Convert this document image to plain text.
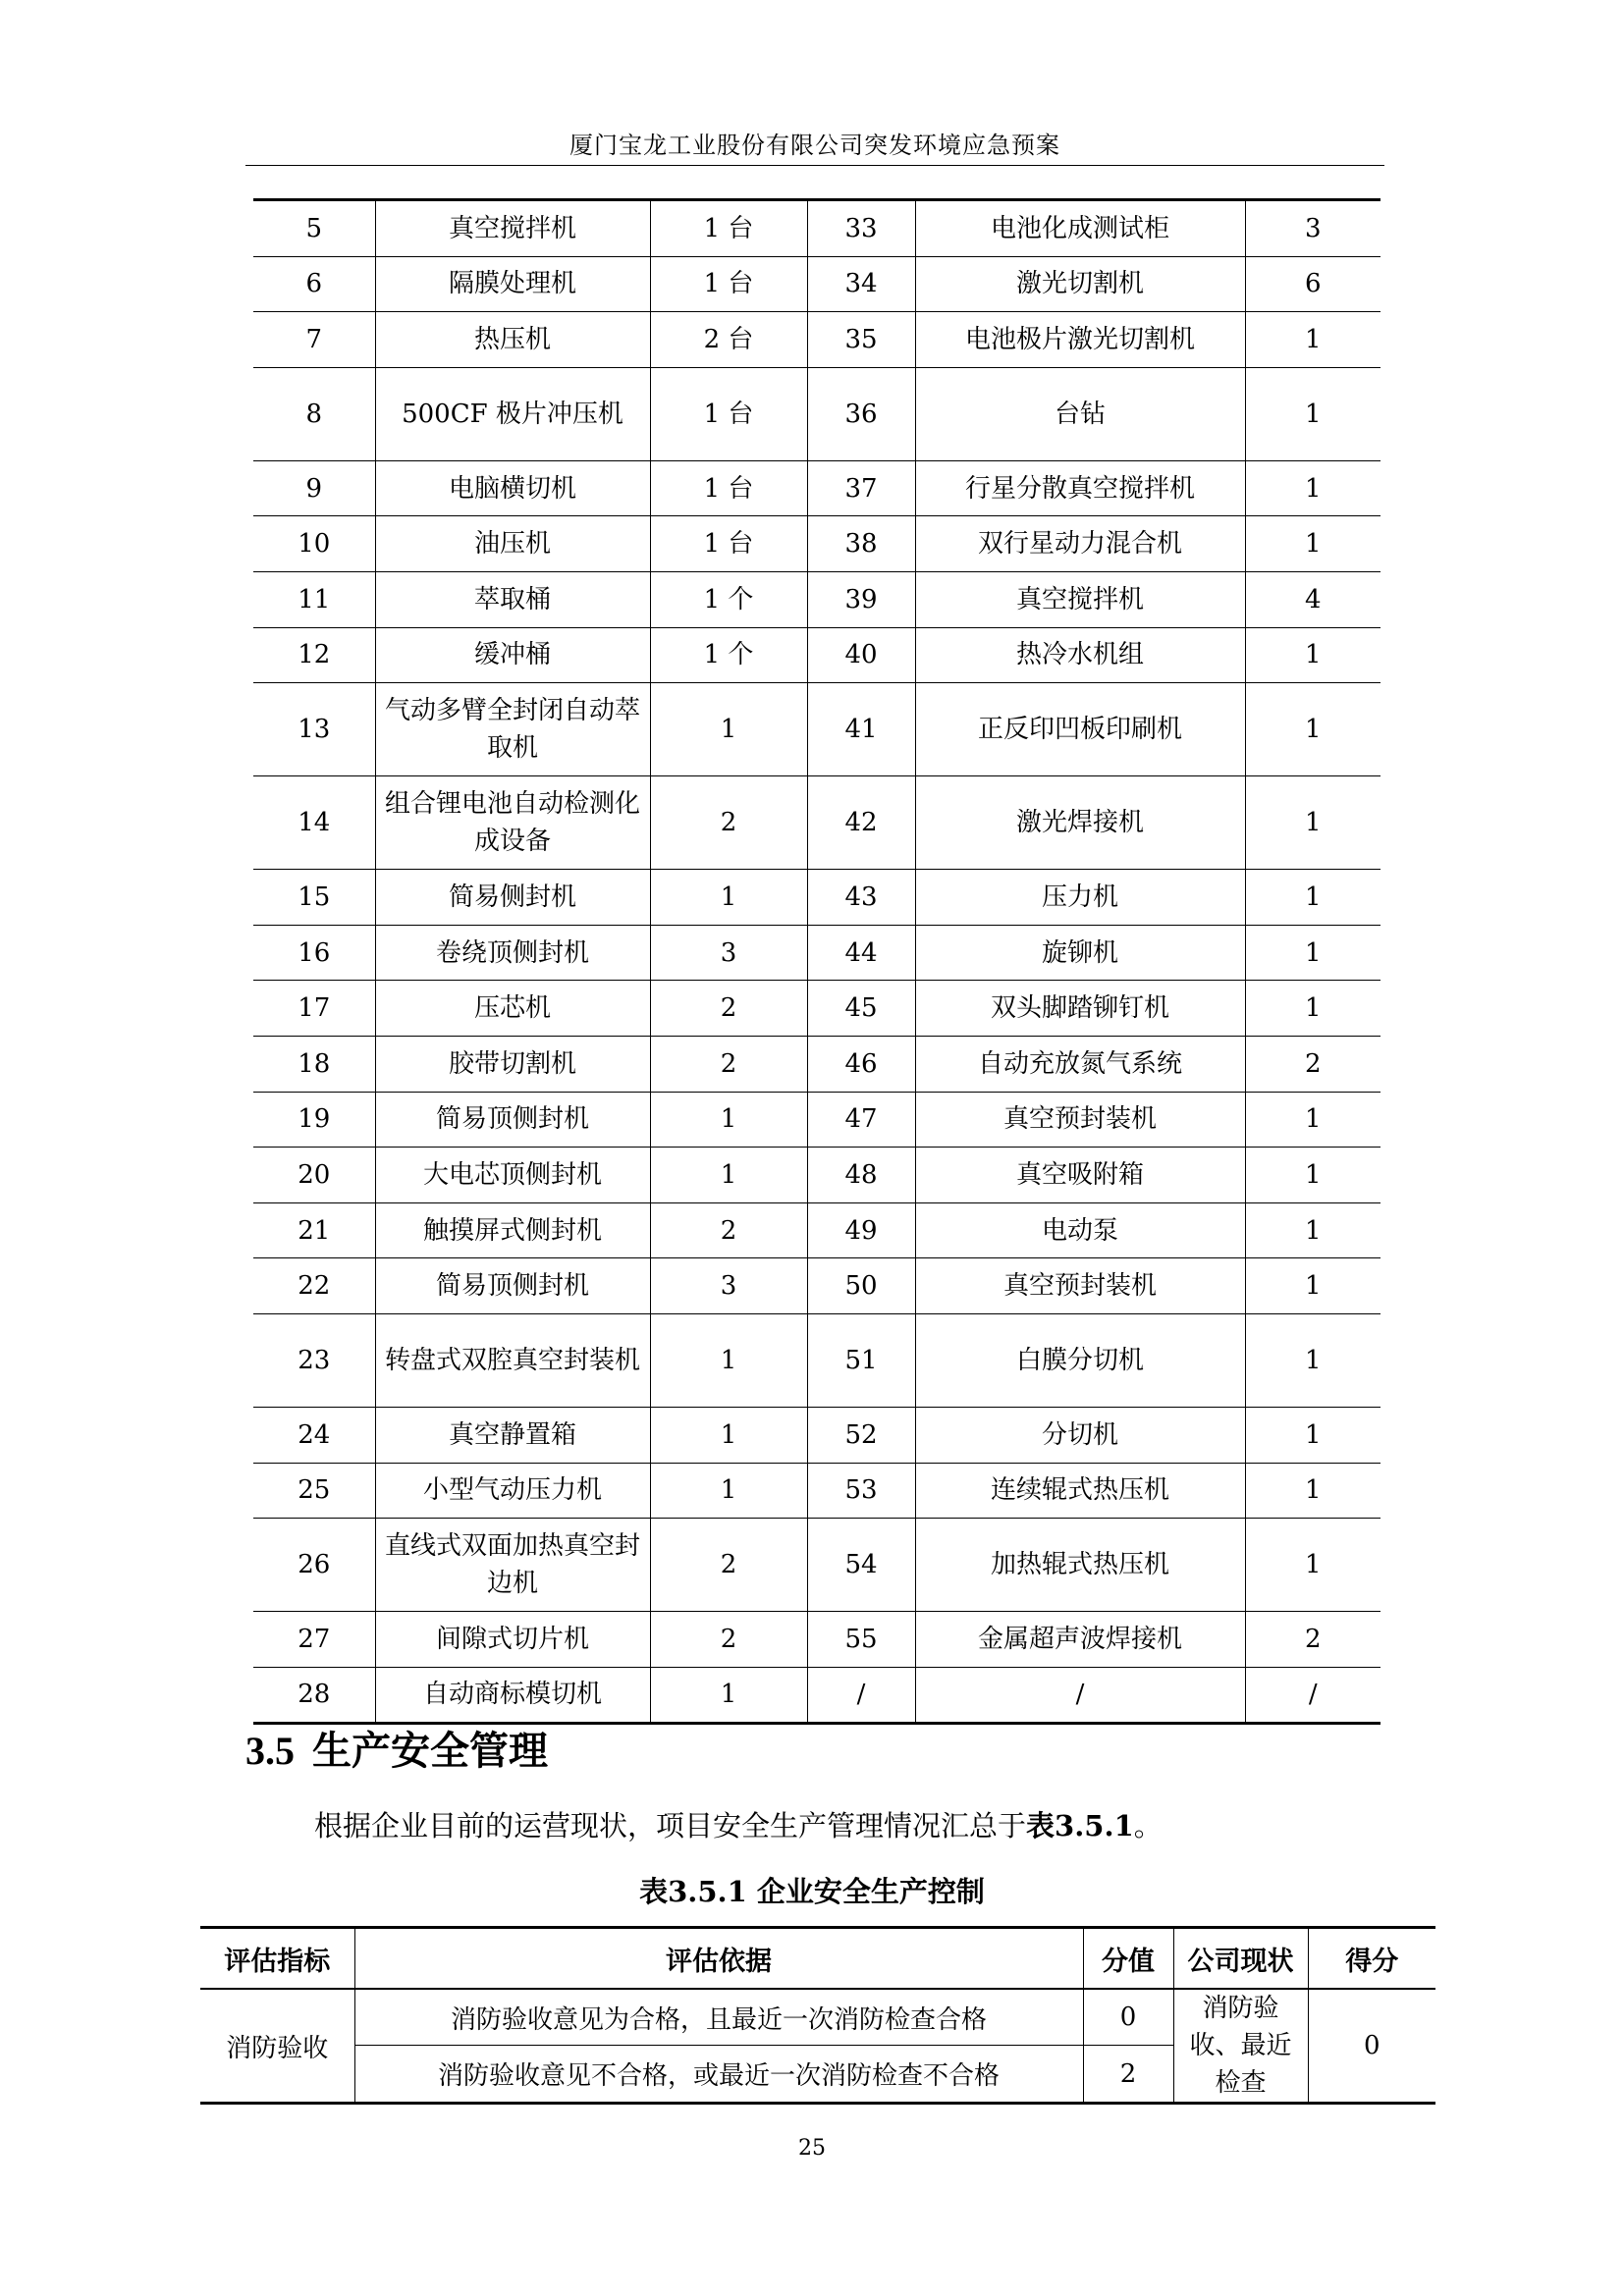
厦门宝龙工业股份有限公司突发环境应急预案
5	真空搅拌机	1 台	33	电池化成测试柜	3
6	隔膜处理机	1 台	34	激光切割机	6
7	热压机	2 台	35	电池极片激光切割机	1
8	500CF 极片冲压机	1 台	36	台钻	1
9	电脑横切机	1 台	37	行星分散真空搅拌机	1
10	油压机	1 台	38	双行星动力混合机	1
11	萃取桶	1 个	39	真空搅拌机	4
12	缓冲桶	1 个	40	热冷水机组	1
13	气动多臂全封闭自动萃取机	1	41	正反印凹板印刷机	1
14	组合锂电池自动检测化成设备	2	42	激光焊接机	1
15	简易侧封机	1	43	压力机	1
16	卷绕顶侧封机	3	44	旋铆机	1
17	压芯机	2	45	双头脚踏铆钉机	1
18	胶带切割机	2	46	自动充放氮气系统	2
19	简易顶侧封机	1	47	真空预封装机	1
20	大电芯顶侧封机	1	48	真空吸附箱	1
21	触摸屏式侧封机	2	49	电动泵	1
22	简易顶侧封机	3	50	真空预封装机	1
23	转盘式双腔真空封装机	1	51	白膜分切机	1
24	真空静置箱	1	52	分切机	1
25	小型气动压力机	1	53	连续辊式热压机	1
26	直线式双面加热真空封边机	2	54	加热辊式热压机	1
27	间隙式切片机	2	55	金属超声波焊接机	2
28	自动商标模切机	1	/	/	/
3.5 生产安全管理
根据企业目前的运营现状，项目安全生产管理情况汇总于表3.5.1。
表3.5.1 企业安全生产控制
评估指标	评估依据	分值	公司现状	得分
消防验收	消防验收意见为合格，且最近一次消防检查合格	0	消防验收、最近检查	0
	消防验收意见不合格，或最近一次消防检查不合格	2		
25
